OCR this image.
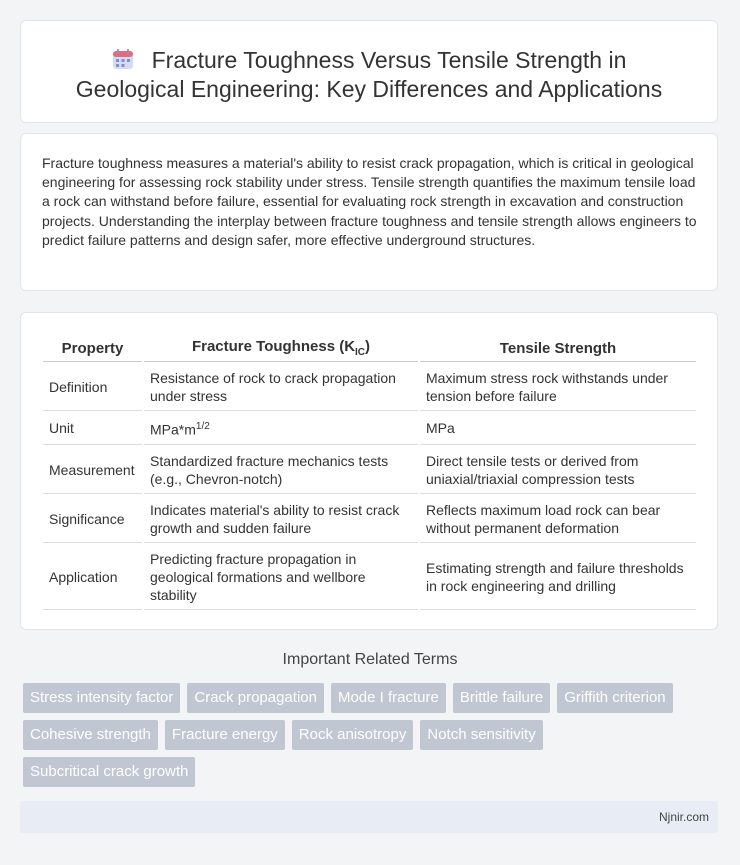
Fracture Toughness Versus Tensile Strength in
Geological Engineering: Key Differences and Applications

Fracture toughness measures a material's ability to resist crack propagation, which is critical in geological engineering for assessing rock stability under stress. Tensile strength quantifies the maximum tensile load a rock can withstand before failure, essential for evaluating rock strength in excavation and construction projects. Understanding the interplay between fracture toughness and tensile strength allows engineers to predict failure patterns and design safer, more effective underground structures.

Property	Fracture Toughness $(K_{IC})$	Tensile Strength
Definition	Resistance of rock to crack propagation under stress	Maximum stress rock withstands under tension before failure
Unit	$MPa*m^{1/2}$	MPa
Measurement	Standardized fracture mechanics tests (e.g., Chevron-notch)	Direct tensile tests or derived from uniaxial/triaxial compression tests
Significance	Indicates material's ability to resist crack growth and sudden failure	Reflects maximum load rock can bear without permanent deformation
Application	Predicting fracture propagation in geological formations and wellbore stability	Estimating strength and failure thresholds in rock engineering and drilling
Important Related Terms
Stress intensity factor	Crack propagation	Mode I fracture	Brittle failure	Griffith criterion
Cohesive strength	Fracture energy	Rock anisotropy	Notch sensitivity
Subcritical crack growth
Njnir.com
